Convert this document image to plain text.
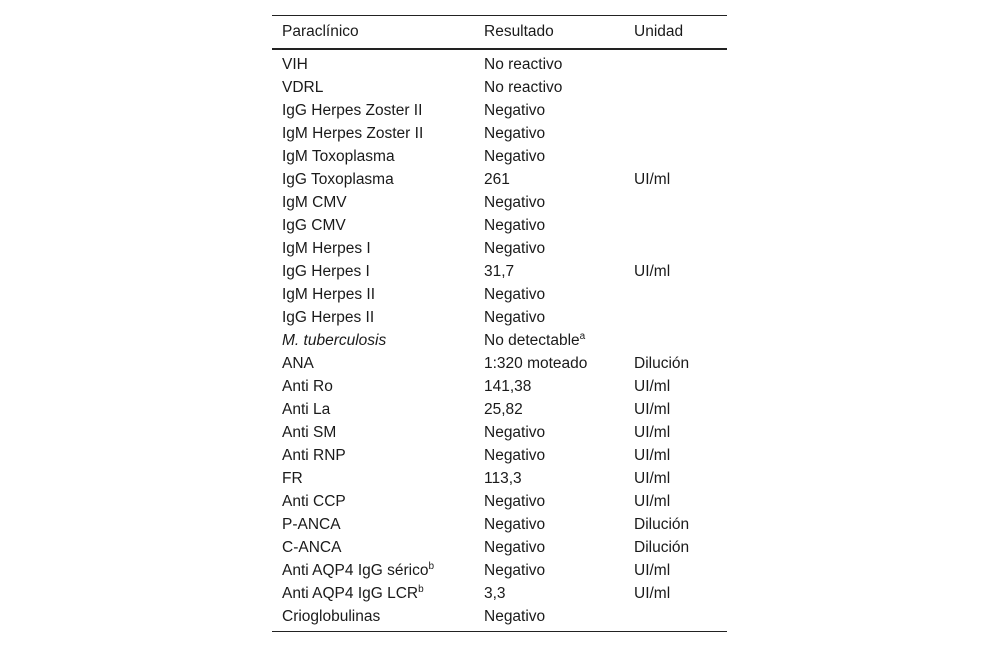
Paraclínico	Resultado	Unidad
VIH	No reactivo	
VDRL	No reactivo	
IgG Herpes Zoster II	Negativo	
IgM Herpes Zoster II	Negativo	
IgM Toxoplasma	Negativo	
IgG Toxoplasma	261	UI/ml
IgM CMV	Negativo	
IgG CMV	Negativo	
IgM Herpes I	Negativo	
IgG Herpes I	31,7	UI/ml
IgM Herpes II	Negativo	
IgG Herpes II	Negativo	
M. tuberculosis	No detectable$^a$	
ANA	1:320 moteado	Dilución
Anti Ro	141,38	UI/ml
Anti La	25,82	UI/ml
Anti SM	Negativo	UI/ml
Anti RNP	Negativo	UI/ml
FR	113,3	UI/ml
Anti CCP	Negativo	UI/ml
P-ANCA	Negativo	Dilución
C-ANCA	Negativo	Dilución
Anti AQP4 IgG sérico$^b$	Negativo	UI/ml
Anti AQP4 IgG LCR$^b$	3,3	UI/ml
Crioglobulinas	Negativo	
